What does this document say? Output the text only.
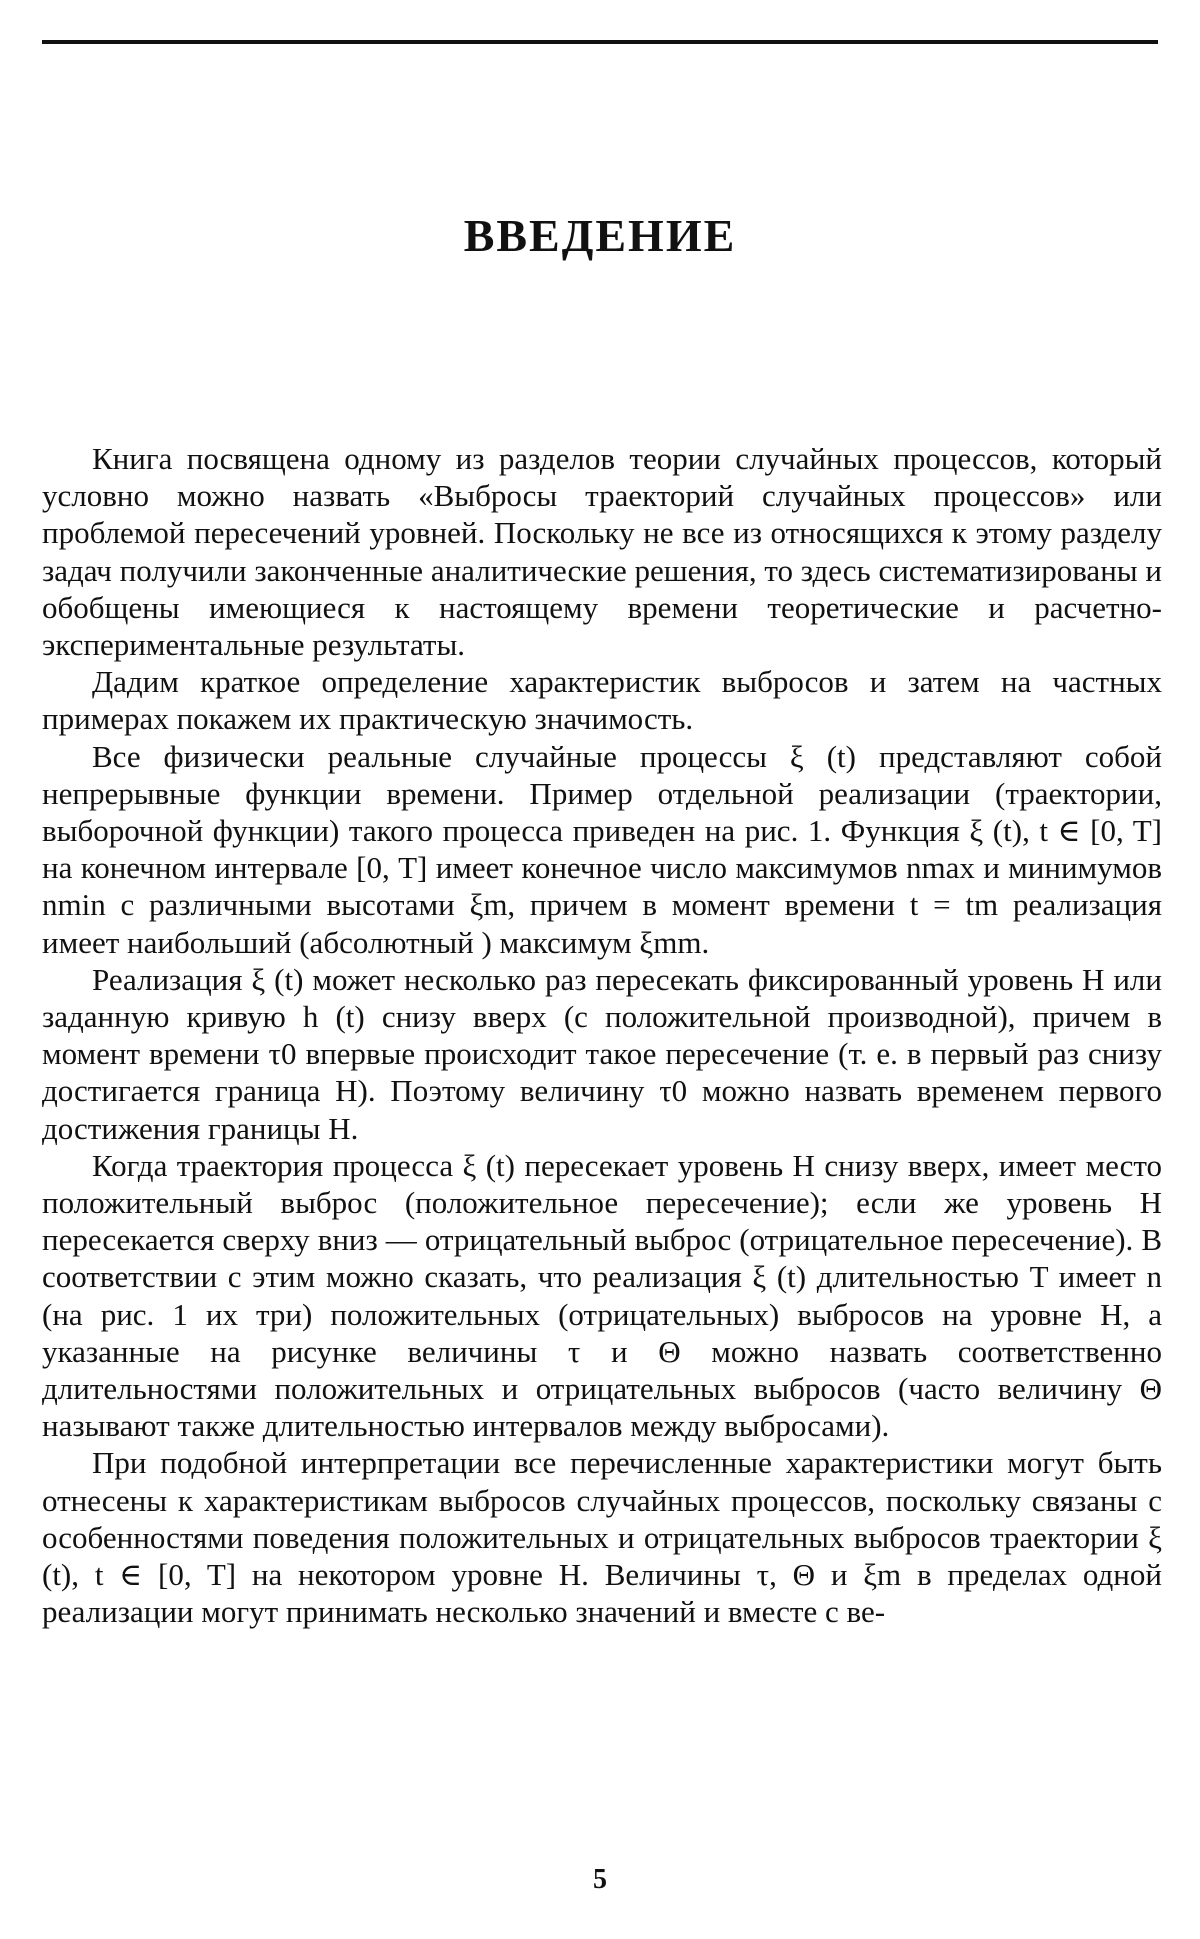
ВВЕДЕНИЕ

Книга посвящена одному из разделов теории случайных процессов, который условно можно назвать «Выбросы траекторий случайных процессов» или проблемой пересечений уровней. Поскольку не все из относящихся к этому разделу задач получили законченные аналитические решения, то здесь систематизированы и обобщены имеющиеся к настоящему времени теоретические и расчетно-экспериментальные результаты.

Дадим краткое определение характеристик выбросов и затем на частных примерах покажем их практическую значимость.

Все физически реальные случайные процессы ξ (t) представляют собой непрерывные функции времени. Пример отдельной реализации (траектории, выборочной функции) такого процесса приведен на рис. 1. Функция ξ (t), t ∈ [0, T] на конечном интервале [0, T] имеет конечное число максимумов nmax и минимумов nmin с различными высотами ξm, причем в момент времени t = tm реализация имеет наибольший (абсолютный ) максимум ξmm.

Реализация ξ (t) может несколько раз пересекать фиксированный уровень H или заданную кривую h (t) снизу вверх (с положительной производной), причем в момент времени τ0 впервые происходит такое пересечение (т. е. в первый раз снизу достигается граница H). Поэтому величину τ0 можно назвать временем первого достижения границы H.

Когда траектория процесса ξ (t) пересекает уровень H снизу вверх, имеет место положительный выброс (положительное пересечение); если же уровень H пересекается сверху вниз — отрицательный выброс (отрицательное пересечение). В соответствии с этим можно сказать, что реализация ξ (t) длительностью T имеет n (на рис. 1 их три) положительных (отрицательных) выбросов на уровне H, а указанные на рисунке величины τ и Θ можно назвать соответственно длительностями положительных и отрицательных выбросов (часто величину Θ называют также длительностью интервалов между выбросами).

При подобной интерпретации все перечисленные характеристики могут быть отнесены к характеристикам выбросов случайных процессов, поскольку связаны с особенностями поведения положительных и отрицательных выбросов траектории ξ (t), t ∈ [0, T] на некотором уровне H. Величины τ, Θ и ξm в пределах одной реализации могут принимать несколько значений и вместе с ве-

5
